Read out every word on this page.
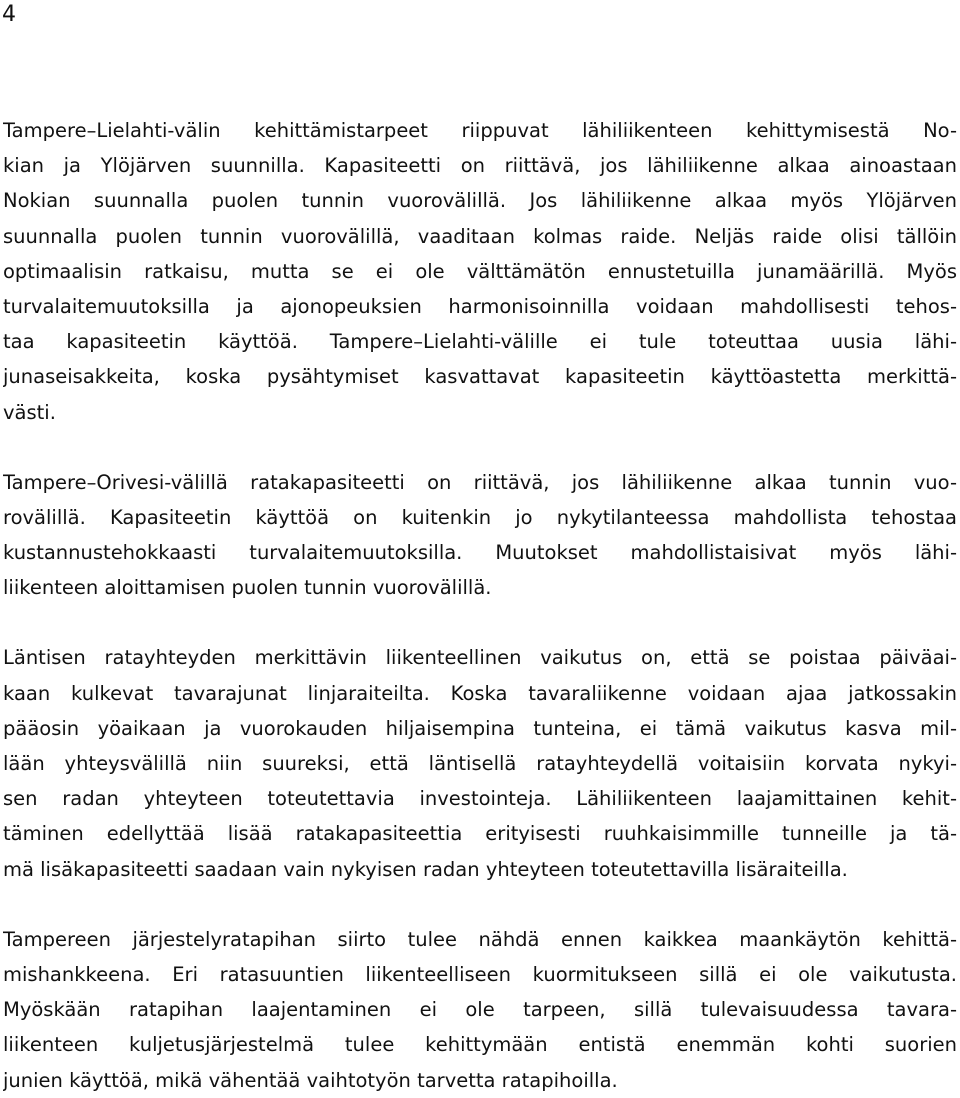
4
Tampere–Lielahti-välin kehittämistarpeet riippuvat lähiliikenteen kehittymisestä No-
kian ja Ylöjärven suunnilla. Kapasiteetti on riittävä, jos lähiliikenne alkaa ainoastaan
Nokian suunnalla puolen tunnin vuorovälillä. Jos lähiliikenne alkaa myös Ylöjärven
suunnalla puolen tunnin vuorovälillä, vaaditaan kolmas raide. Neljäs raide olisi tällöin
optimaalisin ratkaisu, mutta se ei ole välttämätön ennustetuilla junamäärillä. Myös
turvalaitemuutoksilla ja ajonopeuksien harmonisoinnilla voidaan mahdollisesti tehos-
taa kapasiteetin käyttöä. Tampere–Lielahti-välille ei tule toteuttaa uusia lähi-
junaseisakkeita, koska pysähtymiset kasvattavat kapasiteetin käyttöastetta merkittä-
västi.
Tampere–Orivesi-välillä ratakapasiteetti on riittävä, jos lähiliikenne alkaa tunnin vuo-
rovälillä. Kapasiteetin käyttöä on kuitenkin jo nykytilanteessa mahdollista tehostaa
kustannustehokkaasti turvalaitemuutoksilla. Muutokset mahdollistaisivat myös lähi-
liikenteen aloittamisen puolen tunnin vuorovälillä.
Läntisen ratayhteyden merkittävin liikenteellinen vaikutus on, että se poistaa päiväai-
kaan kulkevat tavarajunat linjaraiteilta. Koska tavaraliikenne voidaan ajaa jatkossakin
pääosin yöaikaan ja vuorokauden hiljaisempina tunteina, ei tämä vaikutus kasva mil-
lään yhteysvälillä niin suureksi, että läntisellä ratayhteydellä voitaisiin korvata nykyi-
sen radan yhteyteen toteutettavia investointeja. Lähiliikenteen laajamittainen kehit-
täminen edellyttää lisää ratakapasiteettia erityisesti ruuhkaisimmille tunneille ja tä-
mä lisäkapasiteetti saadaan vain nykyisen radan yhteyteen toteutettavilla lisäraiteilla.
Tampereen järjestelyratapihan siirto tulee nähdä ennen kaikkea maankäytön kehittä-
mishankkeena. Eri ratasuuntien liikenteelliseen kuormitukseen sillä ei ole vaikutusta.
Myöskään ratapihan laajentaminen ei ole tarpeen, sillä tulevaisuudessa tavara-
liikenteen kuljetusjärjestelmä tulee kehittymään entistä enemmän kohti suorien
junien käyttöä, mikä vähentää vaihtotyön tarvetta ratapihoilla.
